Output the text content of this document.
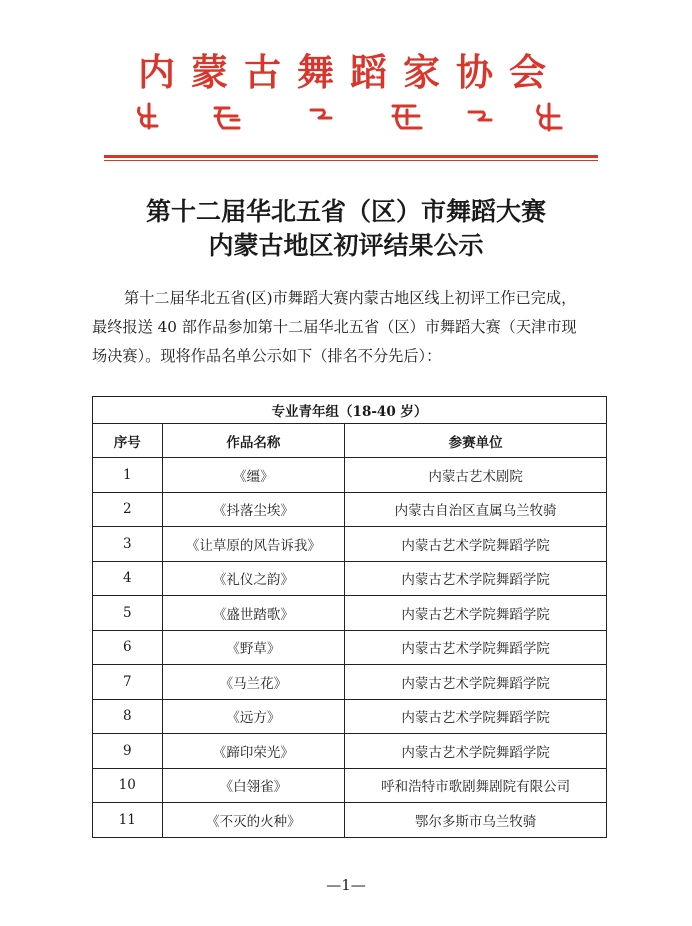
内蒙古舞蹈家协会
第十二届华北五省（区）市舞蹈大赛
内蒙古地区初评结果公示

第十二届华北五省(区)市舞蹈大赛内蒙古地区线上初评工作已完成，

最终报送 40 部作品参加第十二届华北五省（区）市舞蹈大赛（天津市现

场决赛）。现将作品名单公示如下（排名不分先后）：

专业青年组（18-40 岁）		
序号	作品名称	参赛单位
1	《缰》	内蒙古艺术剧院
2	《抖落尘埃》	内蒙古自治区直属乌兰牧骑
3	《让草原的风告诉我》	内蒙古艺术学院舞蹈学院
4	《礼仪之韵》	内蒙古艺术学院舞蹈学院
5	《盛世踏歌》	内蒙古艺术学院舞蹈学院
6	《野草》	内蒙古艺术学院舞蹈学院
7	《马兰花》	内蒙古艺术学院舞蹈学院
8	《远方》	内蒙古艺术学院舞蹈学院
9	《蹄印荣光》	内蒙古艺术学院舞蹈学院
10	《白翎雀》	呼和浩特市歌剧舞剧院有限公司
11	《不灭的火种》	鄂尔多斯市乌兰牧骑
—1—
